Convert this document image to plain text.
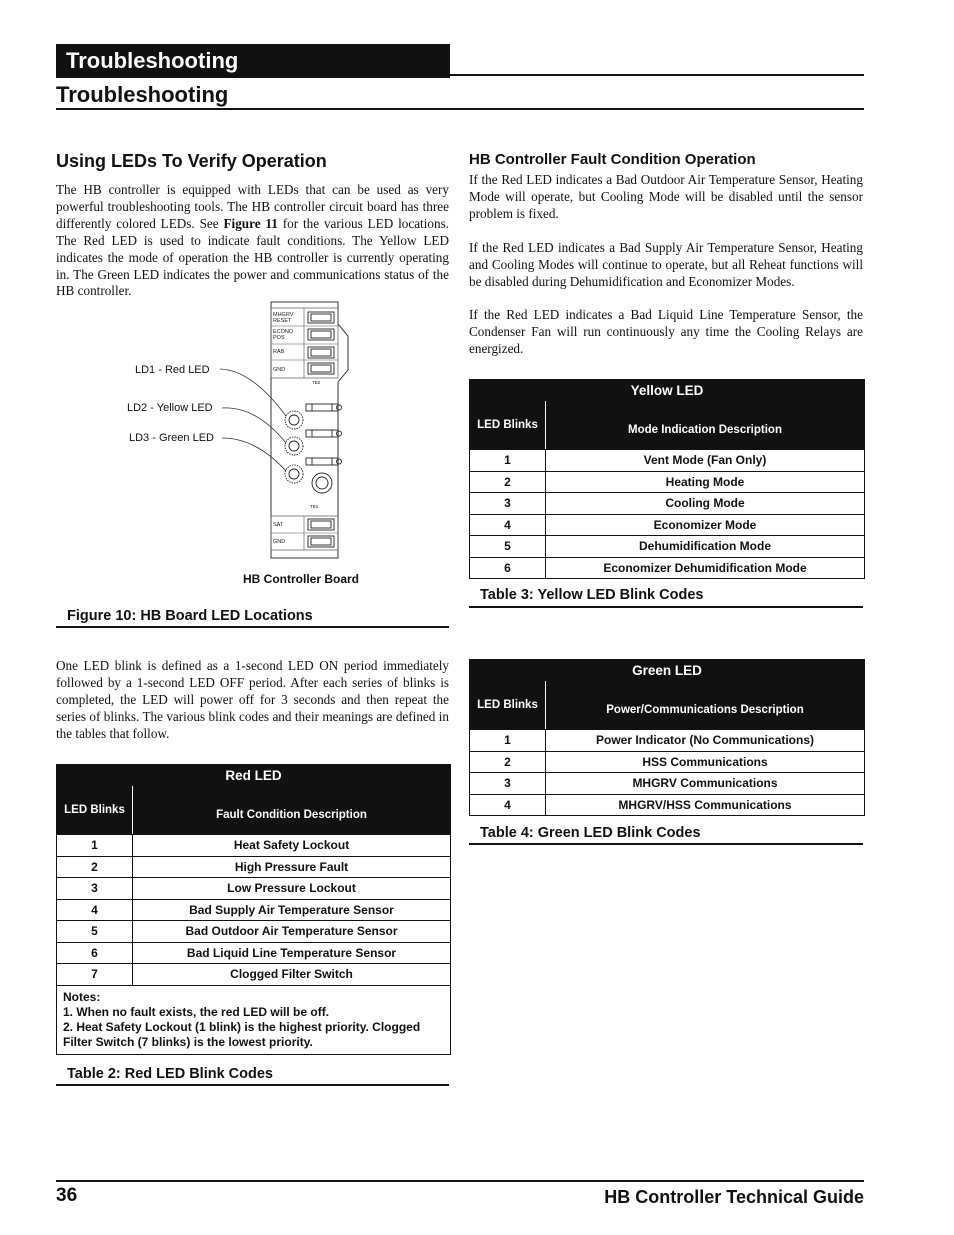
Troubleshooting
Troubleshooting
Using LEDs To Verify Operation

The HB controller is equipped with LEDs that can be used as very powerful troubleshooting tools. The HB controller circuit board has three differently colored LEDs. See Figure 11 for the various LED locations. The Red LED is used to indicate fault conditions. The Yellow LED indicates the mode of operation the HB controller is currently operating in. The Green LED indicates the power and communications status of the HB controller.

MHGRV
RESET
ECONO
POS
RAB
GND
TB2
TB1
SAT
GND
LD1 - Red LED
LD2 - Yellow LED
LD3 - Green LED
HB Controller Board
Figure 10: HB Board LED Locations

One LED blink is defined as a 1-second LED ON period immediately followed by a 1-second LED OFF period. After each series of blinks is completed, the LED will power off for 3 seconds and then repeat the series of blinks. The various blink codes and their meanings are defined in the tables that follow.

Red LED	
LED Blinks	Fault Condition Description
1	Heat Safety Lockout
2	High Pressure Fault
3	Low Pressure Lockout
4	Bad Supply Air Temperature Sensor
5	Bad Outdoor Air Temperature Sensor
6	Bad Liquid Line Temperature Sensor
7	Clogged Filter Switch

Notes:
1. When no fault exists, the red LED will be off.
2. Heat Safety Lockout (1 blink) is the highest priority. Clogged Filter Switch (7 blinks) is the lowest priority.	
Table 2: Red LED Blink Codes
HB Controller Fault Condition Operation

If the Red LED indicates a Bad Outdoor Air Temperature Sensor, Heating Mode will operate, but Cooling Mode will be disabled until the sensor problem is fixed.

If the Red LED indicates a Bad Supply Air Temperature Sensor, Heating and Cooling Modes will continue to operate, but all Reheat functions will be disabled during Dehumidification and Economizer Modes.

If the Red LED indicates a Bad Liquid Line Temperature Sensor, the Condenser Fan will run continuously any time the Cooling Relays are energized.

Yellow LED	
LED Blinks	Mode Indication Description
1	Vent Mode (Fan Only)
2	Heating Mode
3	Cooling Mode
4	Economizer Mode
5	Dehumidification Mode
6	Economizer Dehumidification Mode
Table 3: Yellow LED Blink Codes
Green LED	
LED Blinks	Power/Communications Description
1	Power Indicator (No Communications)
2	HSS Communications
3	MHGRV Communications
4	MHGRV/HSS Communications
Table 4: Green LED Blink Codes
36	HB Controller Technical Guide
